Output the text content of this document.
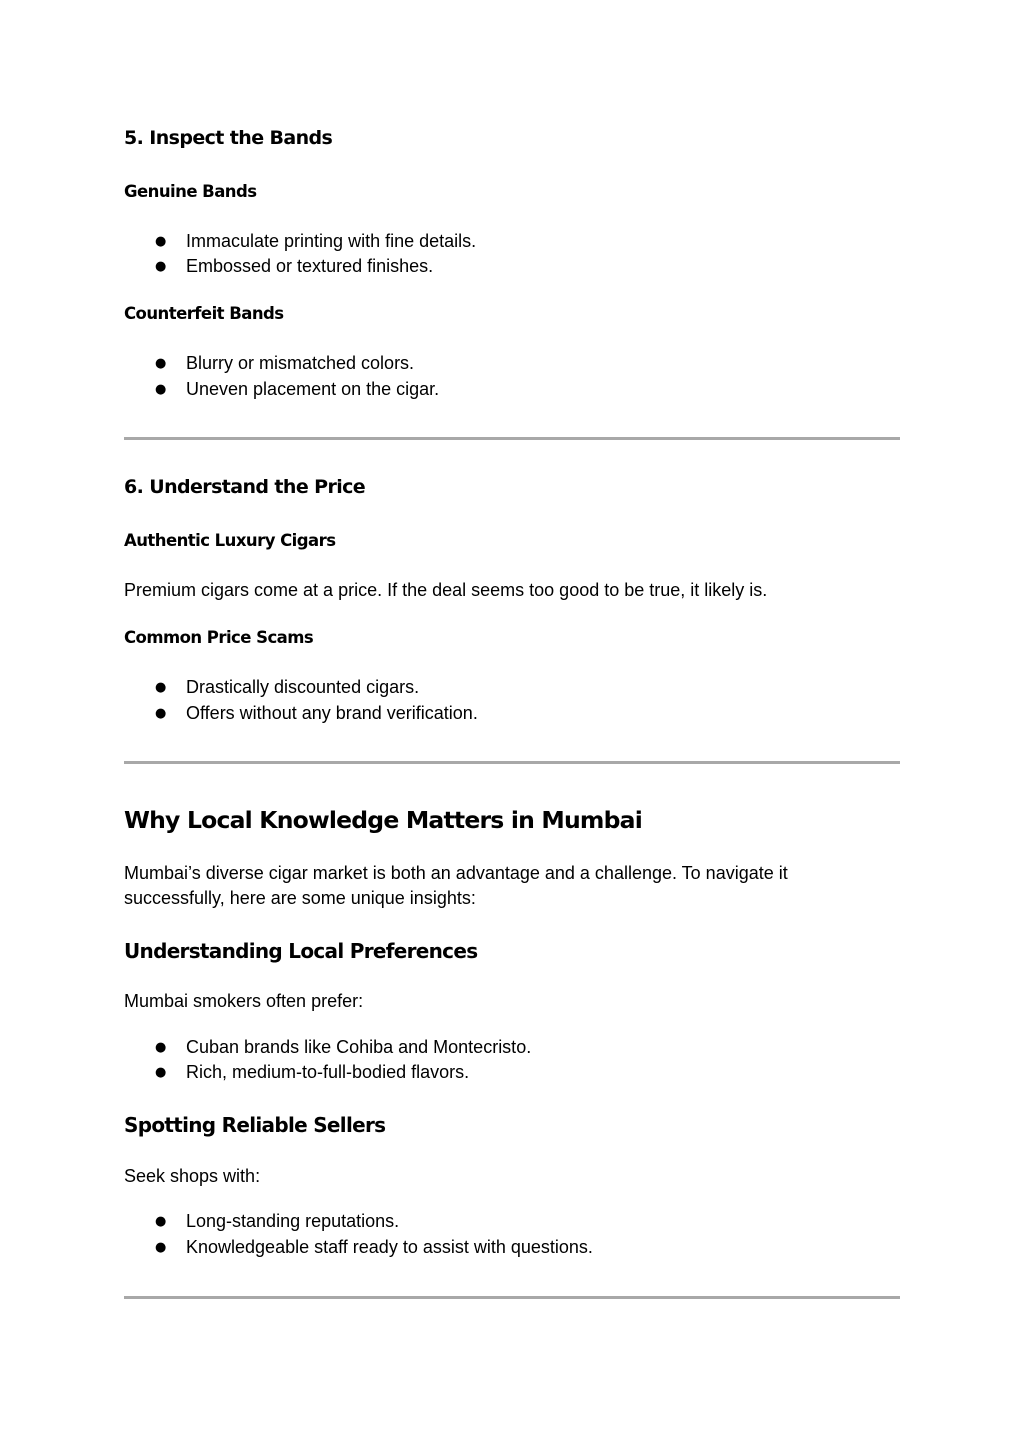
5. Inspect the Bands
Genuine Bands
● Immaculate printing with fine details.
● Embossed or textured finishes.
Counterfeit Bands
● Blurry or mismatched colors.
● Uneven placement on the cigar.
6. Understand the Price
Authentic Luxury Cigars

Premium cigars come at a price. If the deal seems too good to be true, it likely is.

Common Price Scams
● Drastically discounted cigars.
● Offers without any brand verification.
Why Local Knowledge Matters in Mumbai

Mumbai’s diverse cigar market is both an advantage and a challenge. To navigate it

successfully, here are some unique insights:

Understanding Local Preferences

Mumbai smokers often prefer:

● Cuban brands like Cohiba and Montecristo.
● Rich, medium-to-full-bodied flavors.
Spotting Reliable Sellers

Seek shops with:

● Long-standing reputations.
● Knowledgeable staff ready to assist with questions.
